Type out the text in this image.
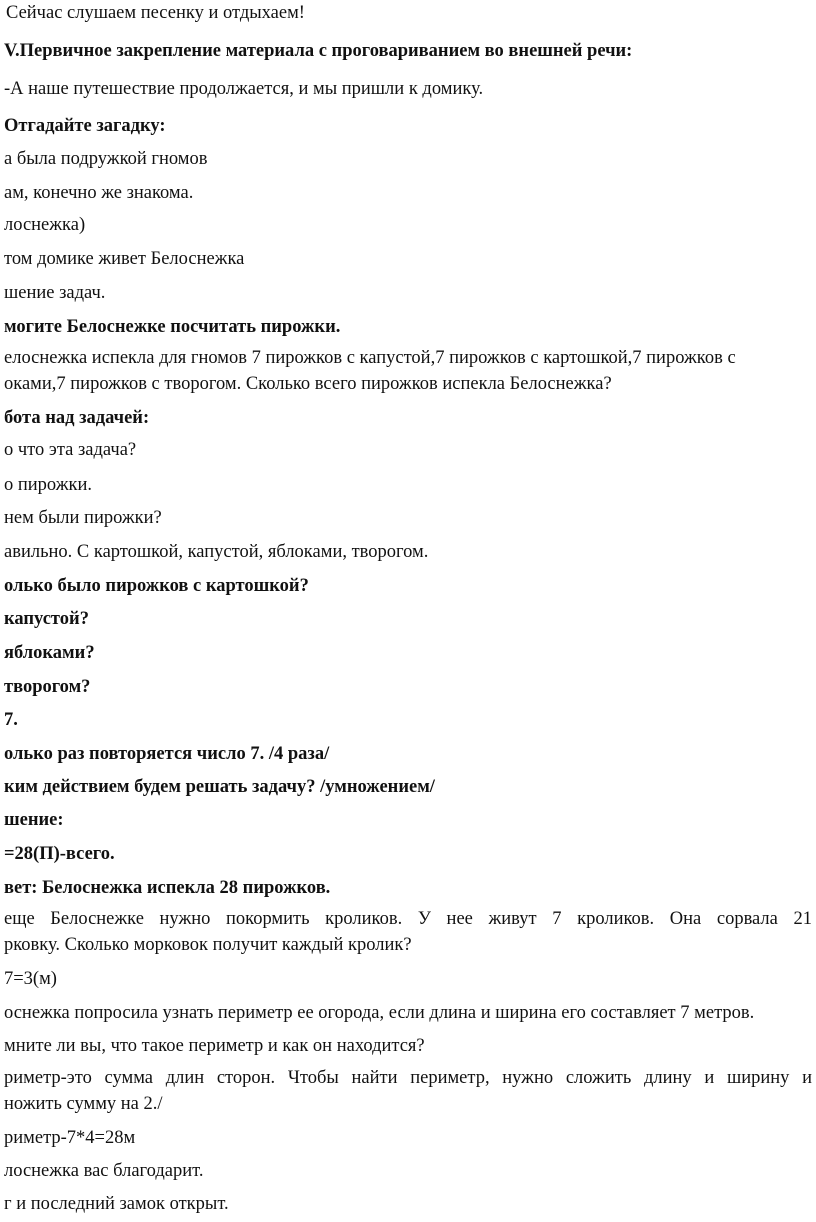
Сейчас слушаем песенку и отдыхаем!
V.Первичное закрепление материала с проговариванием во внешней речи:
-А наше путешествие продолжается, и мы пришли к домику.
Отгадайте загадку:
а была подружкой гномов
ам, конечно же знакома.
лоснежка)
том домике живет Белоснежка
шение задач.
могите Белоснежке посчитать пирожки.
елоснежка испекла для гномов 7 пирожков с капустой,7 пирожков с картошкой,7 пирожков с
оками,7 пирожков с творогом. Сколько всего пирожков испекла Белоснежка?
бота над задачей:
о что эта задача?
о пирожки.
нем были пирожки?
авильно. С картошкой, капустой, яблоками, творогом.
олько было пирожков с картошкой?
капустой?
яблоками?
творогом?
7.
олько раз повторяется число 7. /4 раза/
ким действием будем решать задачу? /умножением/
шение:
=28(П)-всего.
вет: Белоснежка испекла 28 пирожков.
еще Белоснежке нужно покормить кроликов. У нее живут 7 кроликов. Она сорвала 21
рковку. Сколько морковок получит каждый кролик?
7=3(м)
оснежка попросила узнать периметр ее огорода, если длина и ширина его составляет 7 метров.
мните ли вы, что такое периметр и как он находится?
риметр-это сумма длин сторон. Чтобы найти периметр, нужно сложить длину и ширину и
ножить сумму на 2./
риметр-7*4=28м
лоснежка вас благодарит.
г и последний замок открыт.
